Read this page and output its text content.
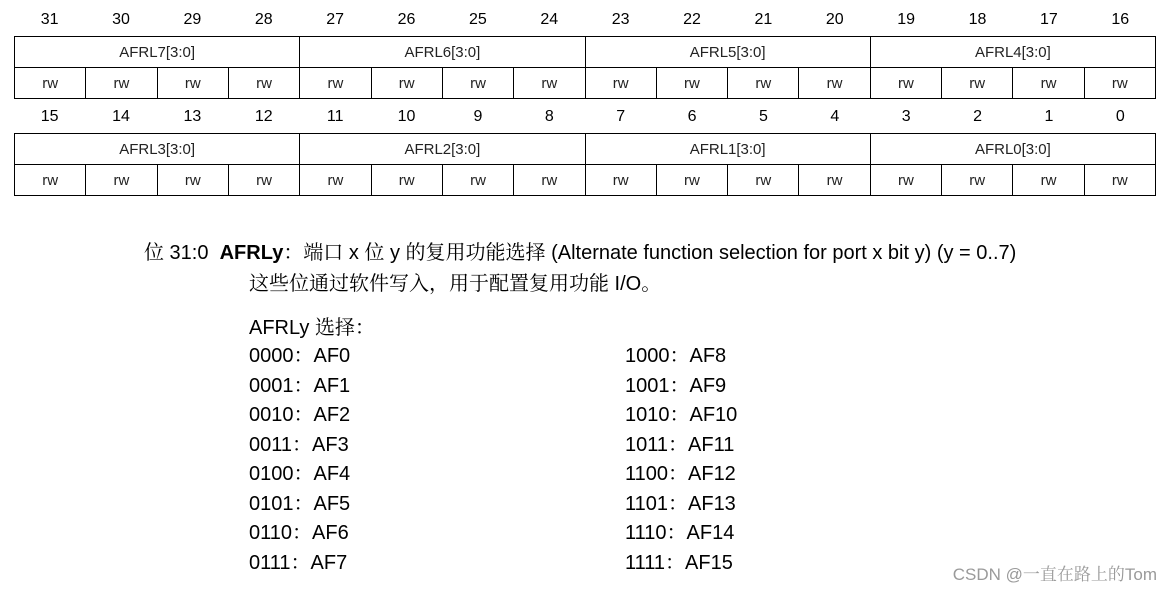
31	30	29	28	27	26	25	24	23	22	21	20	19	18	17	16
AFRL7[3:0]				AFRL6[3:0]				AFRL5[3:0]				AFRL4[3:0]			
rw	rw	rw	rw	rw	rw	rw	rw	rw	rw	rw	rw	rw	rw	rw	rw
15	14	13	12	11	10	9	8	7	6	5	4	3	2	1	0
AFRL3[3:0]				AFRL2[3:0]				AFRL1[3:0]				AFRL0[3:0]			
rw	rw	rw	rw	rw	rw	rw	rw	rw	rw	rw	rw	rw	rw	rw	rw
位 31:0 AFRLy：端口 x 位 y 的复用功能选择 (Alternate function selection for port x bit y) (y = 0..7)
这些位通过软件写入，用于配置复用功能 I/O。
AFRLy 选择：
0000：AF0
0001：AF1
0010：AF2
0011：AF3
0100：AF4
0101：AF5
0110：AF6
0111：AF7
1000：AF8
1001：AF9
1010：AF10
1011：AF11
1100：AF12
1101：AF13
1110：AF14
1111：AF15
CSDN @一直在路上的Tom
